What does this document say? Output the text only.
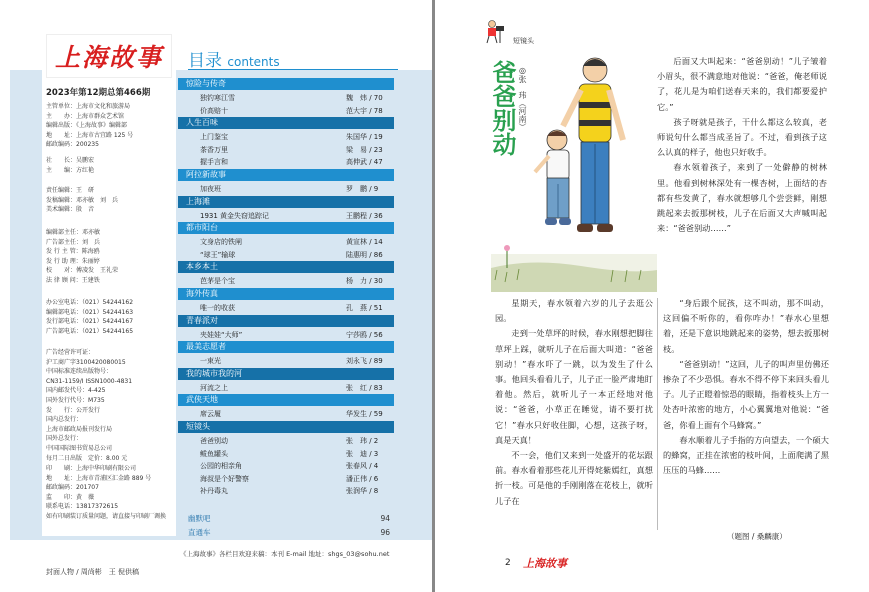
上海故事
2023年第12期总第466期
主管单位：上海市文化和旅游局
主　　办：上海市群众艺术馆
编辑出版：《上海故事》编辑部
地　　址：上海市古宜路 125 号
邮政编码：200235
社　　长：吴鹏宏
主　　编：方红艳
责任编辑：王　研
发稿编辑：邓亦敏　刘　兵
美术编辑：殷　音
编辑部主任：邓亦敏
广告部主任：刘　兵
发 行 主 管：陈海鸥
发 行 助 理：朱丽婷
校　　对：傅凌发　王礼荣
法 律 顾 问：王建铁
办公室电话：（021）54244162
编辑部电话：（021）54244163
发行部电话：（021）54244167
广告部电话：（021）54244165
广告经营许可证：
沪工商广字3100420080015
中国标准连续出版物号：
CN31-1159/I ISSN1000-4831
国内邮发代号：4-425
国外发行代号：M735
发　　行：公开发行
国内总发行：
上海市邮政局报刊发行局
国外总发行：
中国国际图书贸易总公司
每月二日出版　定价：8.00 元
印　　刷：上海中华印刷有限公司
地　　址：上海市青浦区汇金路 889 号
邮政编码：201707
监　　印：黄　薇
联系电话：13817372615
如有印刷装订质量问题，请直接与印刷厂调换
目录 contents
惊险与传奇
独钓寒江雪	魏　炜 / 70
价高赔十	范大宇 / 78
人生百味
上门鉴宝	朱国华 / 19
茶香万里	梁　易 / 23
握手言和	高伸武 / 47
阿拉新故事
加夜班	罗　鹏 / 9
上海滩
1931 黄金失窃追踪记	王鹏程 / 36
都市阳台
文身店的铁闸	黄宣林 / 14
“球王”输球	陆惠明 / 86
本乡本土
芭茅是个宝	杨　力 / 30
海外传真
唯一的收获	孔　燕 / 51
青春派对
夹娃娃“大师”	宁莎鸥 / 56
最美志愿者
一束光	刘永飞 / 89
我的城市我的河
河流之上	张　红 / 83
武侠天地
席云履	华发生 / 59
短镜头
爸爸别动	张　玮 / 2
鲅鱼罐头	张　迪 / 3
公园的相亲角	张春风 / 4
海叔是个好警察	潘正伟 / 6
补丹毒丸	张润华 / 8
幽默吧	94
直通车	96
《上海故事》各栏目欢迎来稿：本刊 E-mail 地址：shgs_03@sohu.net
封面人物 / 周尚彬　王 倪供稿
短镜头
爸爸别动 ◎张　玮（河南）

后面又大叫起来：“爸爸别动！”儿子皱着小眉头，很不满意地对他说：“爸爸，俺老师说了，花儿是为咱们送春天来的，我们都要爱护它。”

孩子呀就是孩子，干什么都这么较真，老师说句什么都当成圣旨了。不过，看到孩子这么认真的样子，他也只好收手。

春水领着孩子，来到了一处僻静的树林里。他看到树林深处有一棵杏树，上面结的杏都有些发黄了，春水就想够几个尝尝鲜，刚想跳起来去扳那树枝，儿子在后面又大声喊叫起来：“爸爸别动……”

星期天，春水领着六岁的儿子去逛公园。

走到一处草坪的时候，春水刚想把脚往草坪上踩，就听儿子在后面大叫道：“爸爸别动！”春水吓了一跳，以为发生了什么事。他回头看看儿子，儿子正一脸严肃地盯着他。然后，就听儿子一本正经地对他说：“爸爸，小草正在睡觉，请不要打扰它！”春水只好收住脚，心想，这孩子呀，真是天真！

不一会，他们又来到一处盛开的花坛跟前。春水看着那些花儿开得姹紫嫣红，真想折一枝。可是他的手刚刚落在花枝上，就听儿子在

“身后跟个屁孩，这不叫动，那不叫动，这回偏不听你的，看你咋办！”春水心里想着，还是下意识地跳起来的姿势，想去扳那树枝。

“爸爸别动！”这回，儿子的叫声里仿佛还掺杂了不少恐惧。春水不得不停下来回头看儿子。儿子正瞪着惊恐的眼睛，指着枝头上方一处杏叶浓密的地方，小心翼翼地对他说：“爸爸，你看上面有个马蜂窝。”

春水顺着儿子手指的方向望去，一个硕大的蜂窝，正挂在浓密的枝叶间，上面爬满了黑压压的马蜂……

（题图 / 桑麟康）
2 上海故事
